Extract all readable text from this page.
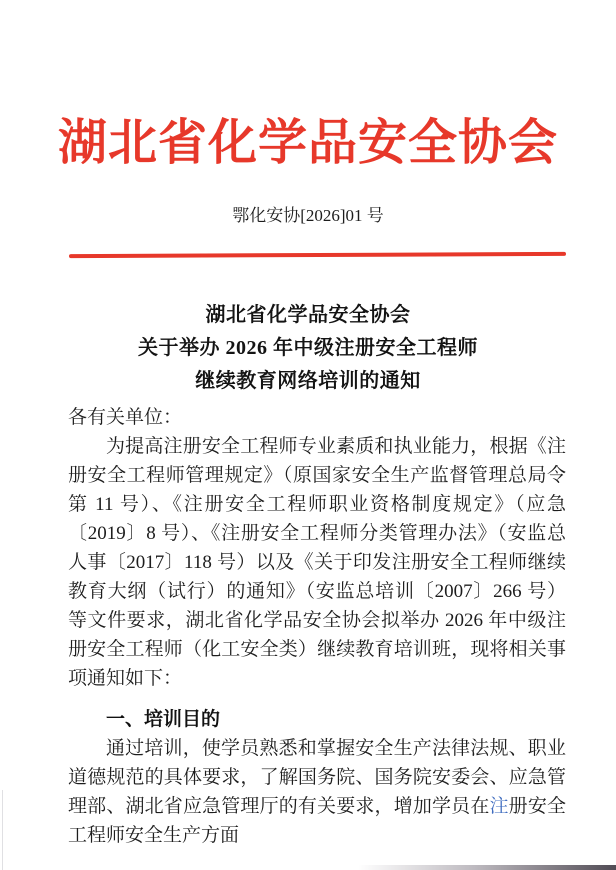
湖北省化学品安全协会
鄂化安协[2026]01 号
湖北省化学品安全协会
关于举办 2026 年中级注册安全工程师
继续教育网络培训的通知
各有关单位：

为提高注册安全工程师专业素质和执业能力，根据《注册安全工程师管理规定》（原国家安全生产监督管理总局令第 11 号）、《注册安全工程师职业资格制度规定》（应急〔2019〕8 号）、《注册安全工程师分类管理办法》（安监总人事〔2017〕118 号）以及《关于印发注册安全工程师继续教育大纲（试行）的通知》（安监总培训〔2007〕266 号）等文件要求，湖北省化学品安全协会拟举办 2026 年中级注册安全工程师（化工安全类）继续教育培训班，现将相关事项通知如下：

一、培训目的

通过培训，使学员熟悉和掌握安全生产法律法规、职业道德规范的具体要求，了解国务院、国务院安委会、应急管理部、湖北省应急管理厅的有关要求，增加学员在注册安全工程师安全生产方面
